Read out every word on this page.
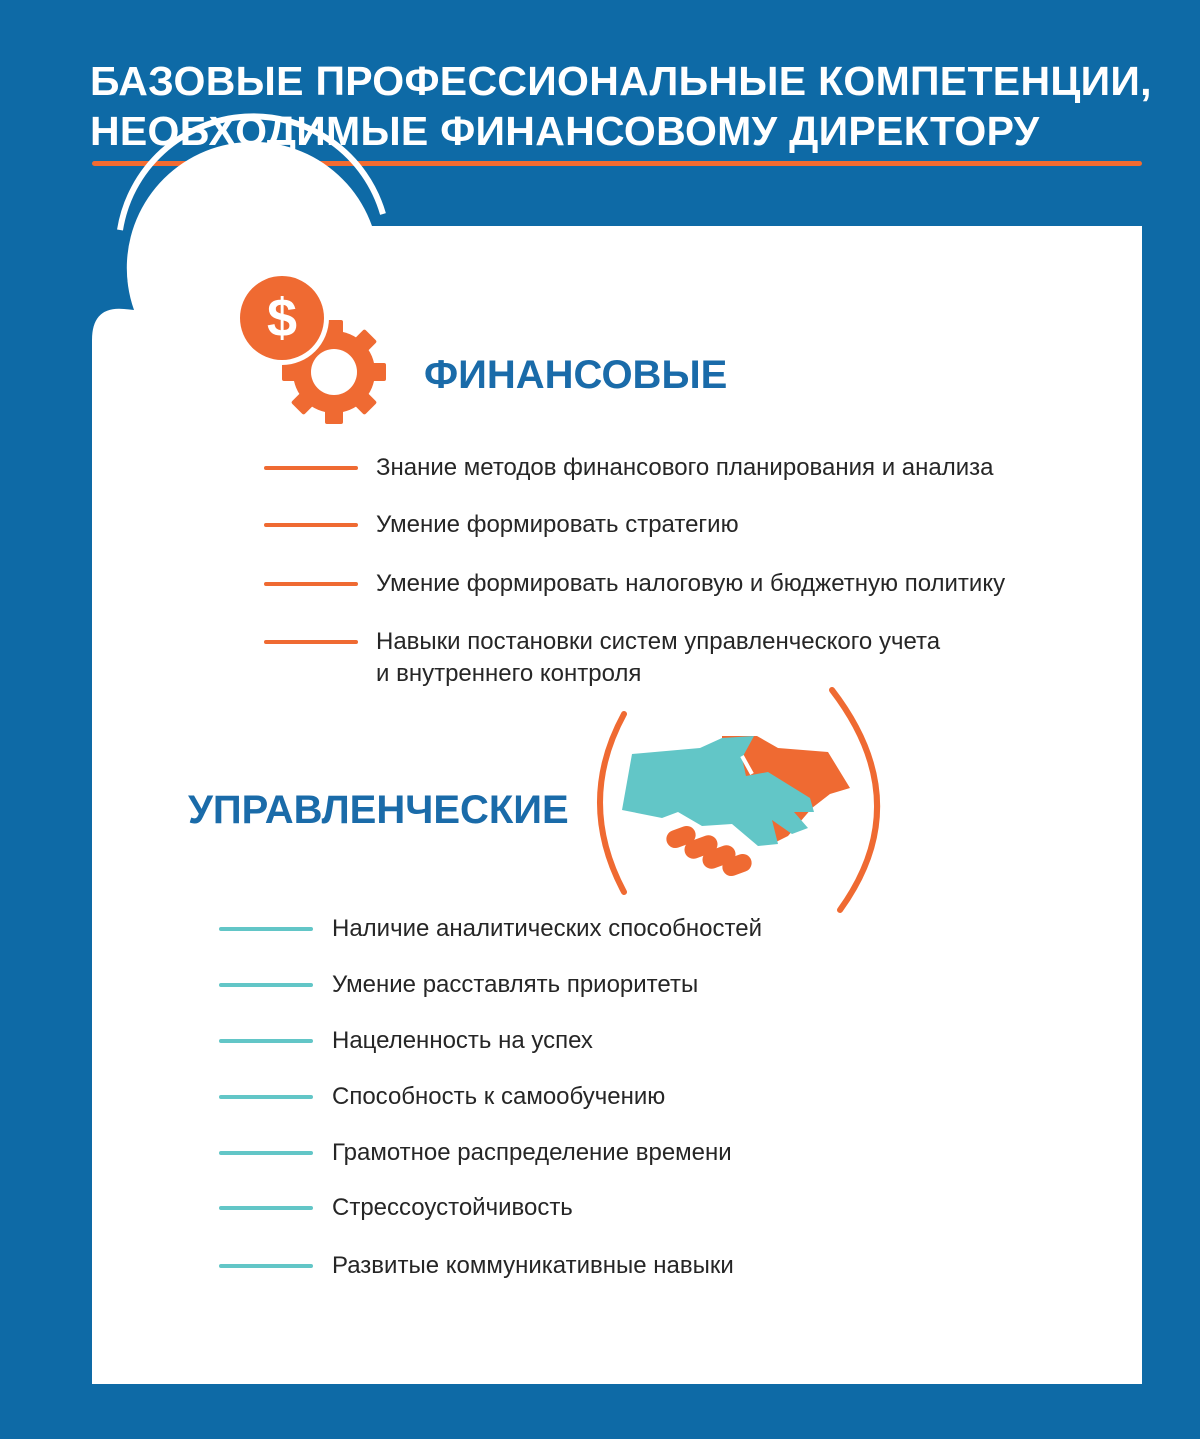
БАЗОВЫЕ ПРОФЕССИОНАЛЬНЫЕ КОМПЕТЕНЦИИ,
НЕОБХОДИМЫЕ ФИНАНСОВОМУ ДИРЕКТОРУ
$
ФИНАНСОВЫЕ
Знание методов финансового планирования и анализа
Умение формировать стратегию
Умение формировать налоговую и бюджетную политику
Навыки постановки систем управленческого учета
и внутреннего контроля
УПРАВЛЕНЧЕСКИЕ
Наличие аналитических способностей
Умение расставлять приоритеты
Нацеленность на успех
Способность к самообучению
Грамотное распределение времени
Стрессоустойчивость
Развитые коммуникативные навыки
